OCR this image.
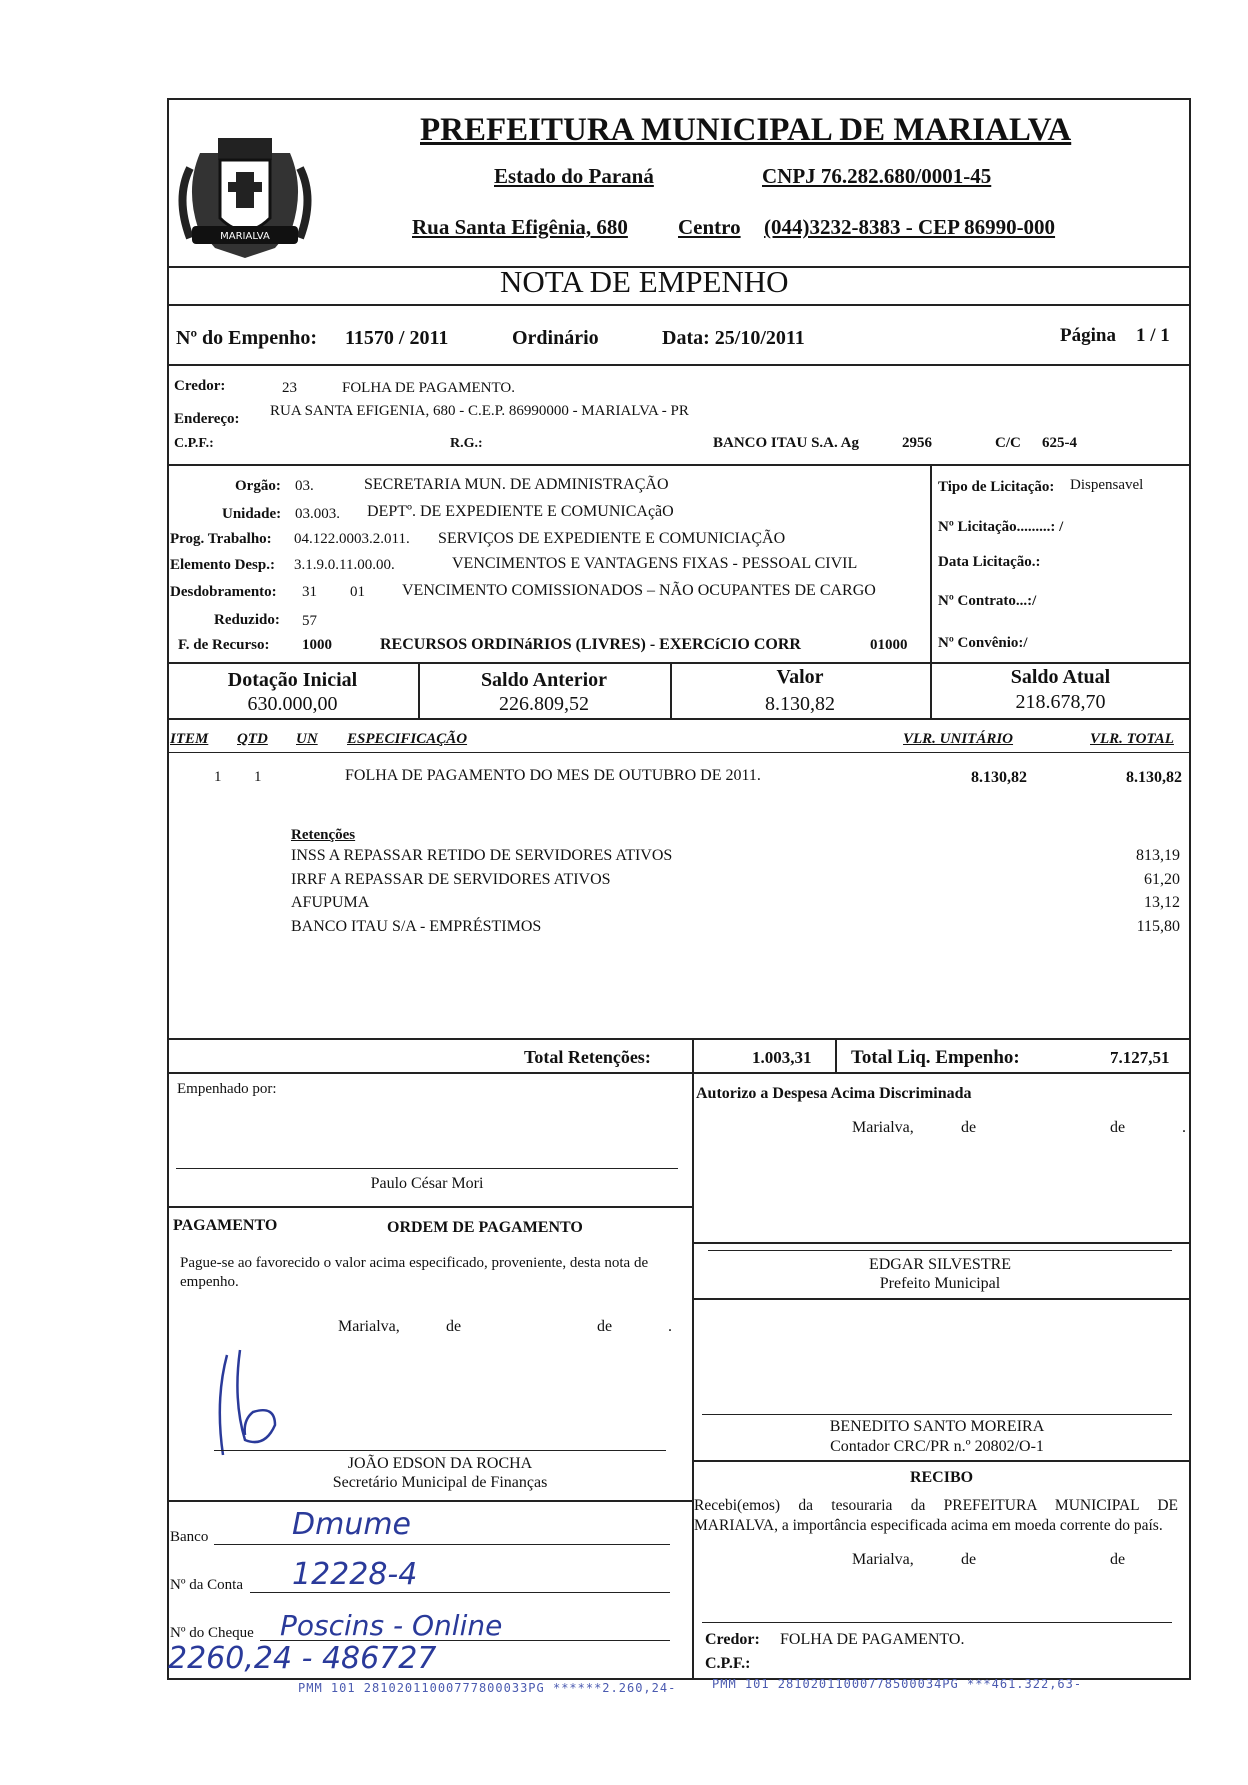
MARIALVA
PREFEITURA MUNICIPAL DE MARIALVA
Estado do Paraná	CNPJ 76.282.680/0001-45
Rua Santa Efigênia, 680 Centro (044)3232-8383 - CEP 86990-000
NOTA DE EMPENHO
Nº do Empenho: 11570 / 2011	Ordinário	Data: 25/10/2011	Página 1 / 1
Credor:	23	FOLHA DE PAGAMENTO.
Endereço: RUA SANTA EFIGENIA, 680 - C.E.P. 86990000 - MARIALVA - PR
C.P.F.:	R.G.:	BANCO ITAU S.A. Ag	2956	C/C 625-4
Orgão: 03.	SECRETARIA MUN. DE ADMINISTRAÇÃO
Unidade: 03.003. DEPTº. DE EXPEDIENTE E COMUNICAçãO
Prog. Trabalho: 04.122.0003.2.011. SERVIÇOS DE EXPEDIENTE E COMUNICIAÇÃO
Elemento Desp.: 3.1.9.0.11.00.00.	VENCIMENTOS E VANTAGENS FIXAS - PESSOAL CIVIL
Desdobramento: 31 01 VENCIMENTO COMISSIONADOS – NÃO OCUPANTES DE CARGO
Reduzido: 57
F. de Recurso: 1000	RECURSOS ORDINáRIOS (LIVRES) - EXERCíCIO CORR	01000
Tipo de Licitação: Dispensavel
Nº Licitação.........: /
Data Licitação.:
Nº Contrato...:/
Nº Convênio:/
Dotação Inicial
630.000,00
Saldo Anterior
226.809,52
Valor
8.130,82
Saldo Atual
218.678,70
ITEM QTD UN ESPECIFICAÇÃO	VLR. UNITÁRIO	VLR. TOTAL
1 1	FOLHA DE PAGAMENTO DO MES DE OUTUBRO DE 2011.	8.130,82	8.130,82
Retenções
INSS A REPASSAR RETIDO DE SERVIDORES ATIVOS	813,19
IRRF A REPASSAR DE SERVIDORES ATIVOS	61,20
AFUPUMA	13,12
BANCO ITAU S/A - EMPRÉSTIMOS	115,80
Total Retenções:	1.003,31 Total Liq. Empenho:	7.127,51
Empenhado por:
Paulo César Mori
Autorizo a Despesa Acima Discriminada
Marialva,	de	de	.
PAGAMENTO	ORDEM DE PAGAMENTO
Pague-se ao favorecido o valor acima especificado, proveniente, desta nota de empenho.
Marialva,	de	de	.
JOÃO EDSON DA ROCHA
Secretário Municipal de Finanças
EDGAR SILVESTRE
Prefeito Municipal
BENEDITO SANTO MOREIRA
Contador CRC/PR n.º 20802/O-1
RECIBO
Recebi(emos) da tesouraria da PREFEITURA MUNICIPAL DE MARIALVA, a importância especificada acima em moeda corrente do país.
Marialva,	de	de
Credor: FOLHA DE PAGAMENTO.
C.P.F.:
Banco	Dmume
Nº da Conta 12228-4
Nº do Cheque Poscins - Online
2260,24 - 486727
PMM 101 28102011000777800033PG ******2.260,24-	PMM 101 28102011000778500034PG ***461.322,63-
